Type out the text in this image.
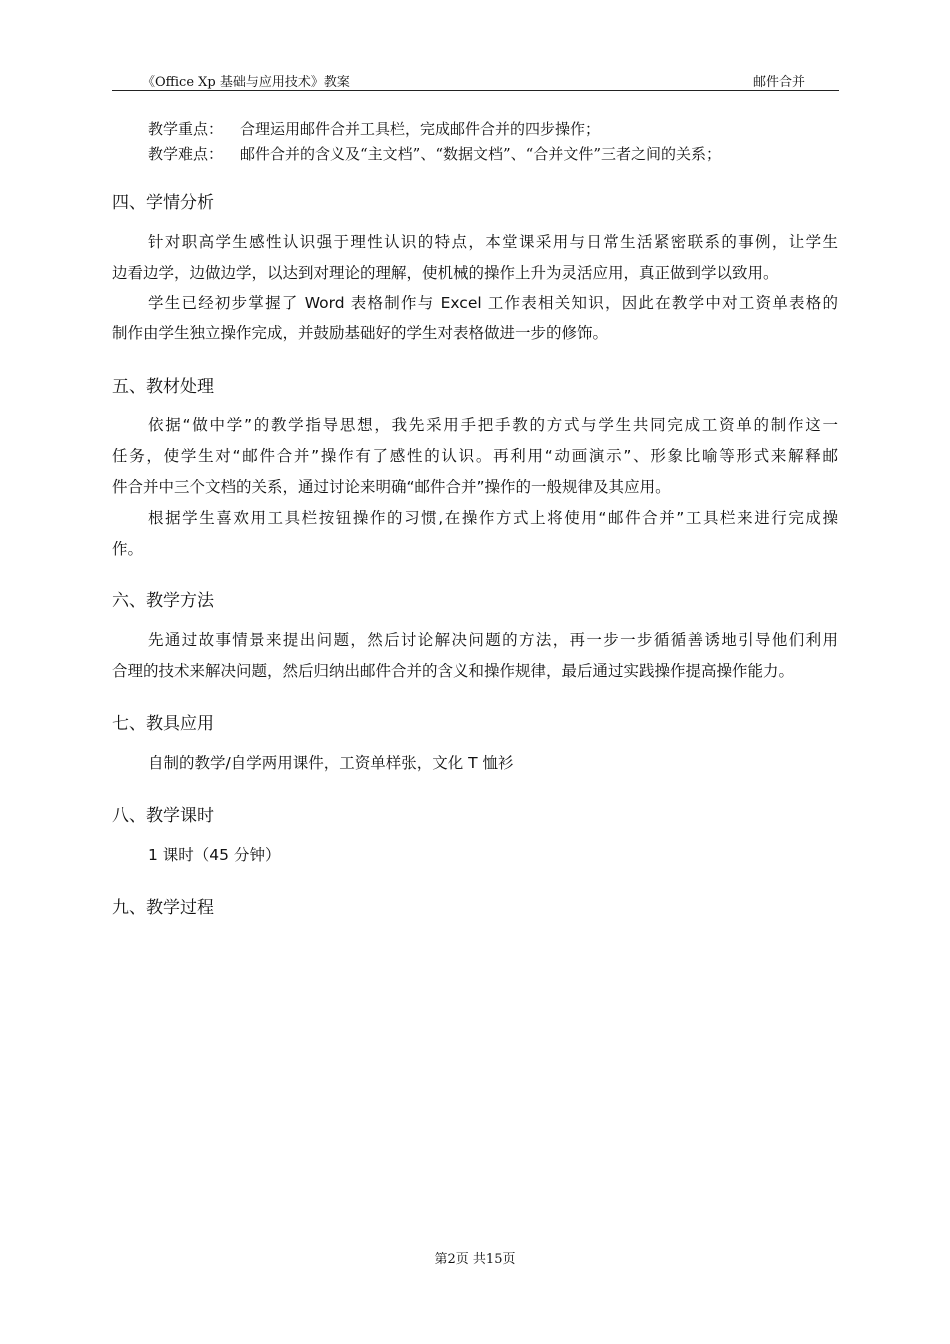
《Office Xp 基础与应用技术》教案	邮件合并
教学重点： 合理运用邮件合并工具栏，完成邮件合并的四步操作；
教学难点： 邮件合并的含义及“主文档”、“数据文档”、“合并文件”三者之间的关系；
四、学情分析
针对职高学生感性认识强于理性认识的特点，本堂课采用与日常生活紧密联系的事例，让学生
边看边学，边做边学，以达到对理论的理解，使机械的操作上升为灵活应用，真正做到学以致用。
学生已经初步掌握了 Word 表格制作与 Excel 工作表相关知识，因此在教学中对工资单表格的
制作由学生独立操作完成，并鼓励基础好的学生对表格做进一步的修饰。
五、教材处理
依据“做中学”的教学指导思想，我先采用手把手教的方式与学生共同完成工资单的制作这一
任务，使学生对“邮件合并”操作有了感性的认识。再利用“动画演示”、形象比喻等形式来解释邮
件合并中三个文档的关系，通过讨论来明确“邮件合并”操作的一般规律及其应用。
根据学生喜欢用工具栏按钮操作的习惯,在操作方式上将使用“邮件合并”工具栏来进行完成操
作。
六、教学方法
先通过故事情景来提出问题，然后讨论解决问题的方法，再一步一步循循善诱地引导他们利用
合理的技术来解决问题，然后归纳出邮件合并的含义和操作规律，最后通过实践操作提高操作能力。
七、教具应用
自制的教学/自学两用课件，工资单样张，文化 T 恤衫
八、教学课时
1 课时（45 分钟）
九、教学过程
第2页 共15页
